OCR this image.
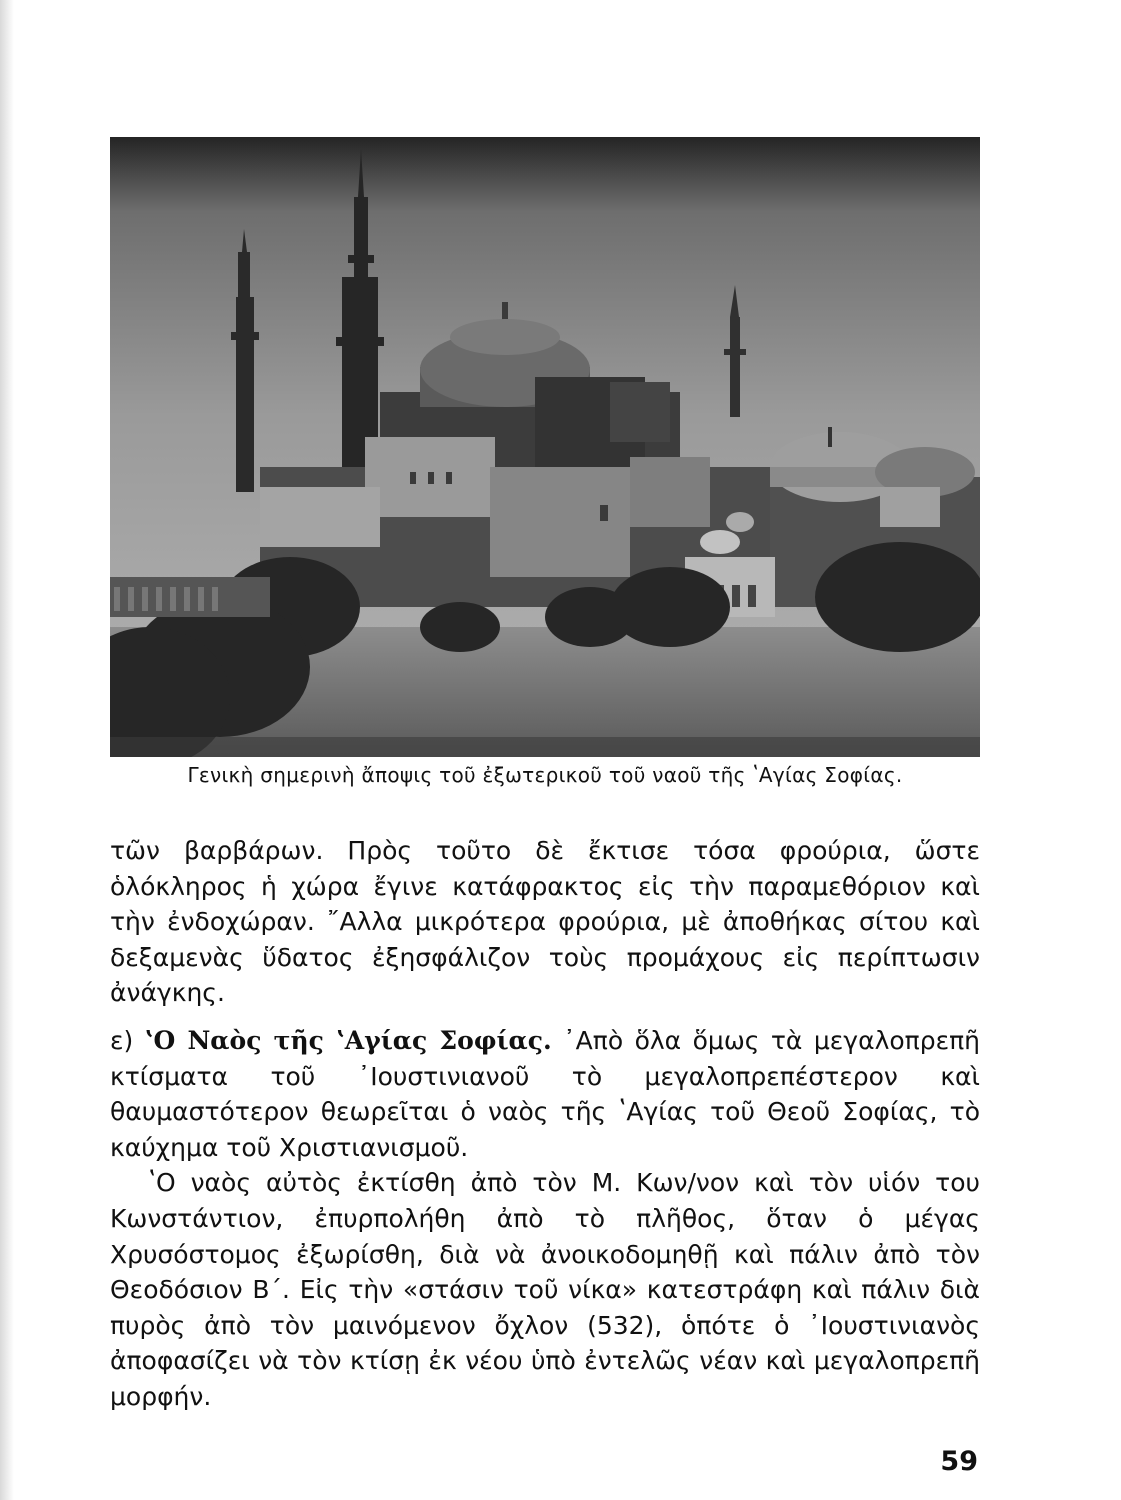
Γενικὴ σημερινὴ ἄποψις τοῦ ἐξωτερικοῦ τοῦ ναοῦ τῆς ʽΑγίας Σοφίας.

τῶν βαρβάρων. Πρὸς τοῦτο δὲ ἔκτισε τόσα φρούρια, ὥστε ὁλόκληρος ἡ χώρα ἔγινε κατάφρακτος εἰς τὴν παραμεθόριον καὶ τὴν ἐνδοχώραν. ῎Αλλα μικρότερα φρούρια, μὲ ἀποθήκας σίτου καὶ δεξαμενὰς ὕδατος ἐξησφάλιζον τοὺς προμάχους εἰς περίπτωσιν ἀνάγκης.

ε) ʽΟ Ναὸς τῆς ʽΑγίας Σοφίας. ᾽Απὸ ὅλα ὅμως τὰ μεγαλοπρεπῆ κτίσματα τοῦ ᾽Ιουστινιανοῦ τὸ μεγαλοπρεπέστερον καὶ θαυμαστότερον θεωρεῖται ὁ ναὸς τῆς ʽΑγίας τοῦ Θεοῦ Σοφίας, τὸ καύχημα τοῦ Χριστιανισμοῦ.

ʽΟ ναὸς αὐτὸς ἐκτίσθη ἀπὸ τὸν Μ. Κων/νον καὶ τὸν υἱόν του Κωνστάντιον, ἐπυρπολήθη ἀπὸ τὸ πλῆθος, ὅταν ὁ μέγας Χρυσόστομος ἐξωρίσθη, διὰ νὰ ἀνοικοδομηθῇ καὶ πάλιν ἀπὸ τὸν Θεοδόσιον Β΄. Εἰς τὴν «στάσιν τοῦ νίκα» κατεστράφη καὶ πάλιν διὰ πυρὸς ἀπὸ τὸν μαινόμενον ὄχλον (532), ὁπότε ὁ ᾽Ιουστινιανὸς ἀποφασίζει νὰ τὸν κτίσῃ ἐκ νέου ὑπὸ ἐντελῶς νέαν καὶ μεγαλοπρεπῆ μορφήν.

59
